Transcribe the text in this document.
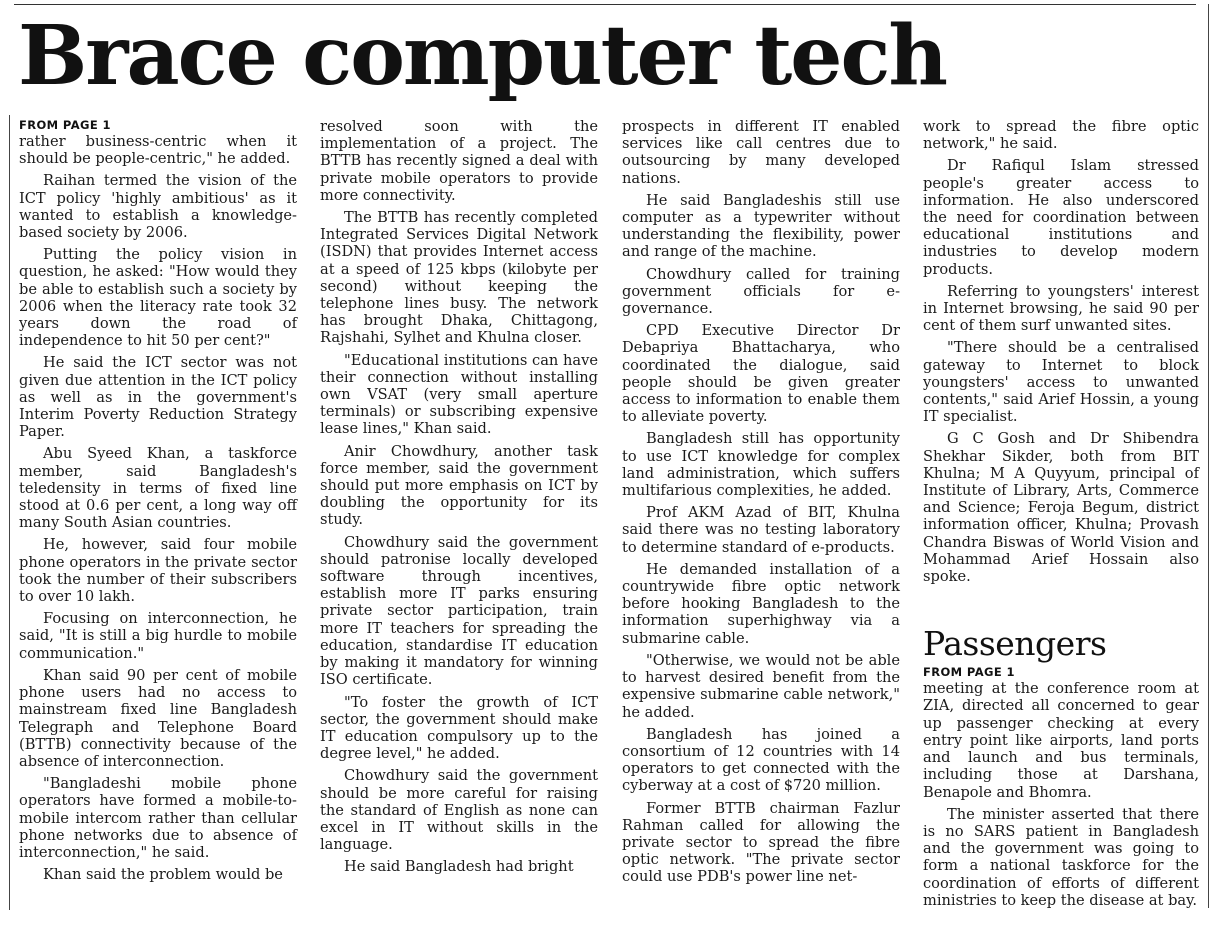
Brace computer tech
FROM PAGE 1

rather business-centric when it should be people-centric," he added.

Raihan termed the vision of the ICT policy 'highly ambitious' as it wanted to establish a knowledge-based society by 2006.

Putting the policy vision in question, he asked: "How would they be able to establish such a society by 2006 when the literacy rate took 32 years down the road of independence to hit 50 per cent?"

He said the ICT sector was not given due attention in the ICT policy as well as in the government's Interim Poverty Reduction Strategy Paper.

Abu Syeed Khan, a taskforce member, said Bangladesh's teledensity in terms of fixed line stood at 0.6 per cent, a long way off many South Asian countries.

He, however, said four mobile phone operators in the private sector took the number of their subscribers to over 10 lakh.

Focusing on interconnection, he said, "It is still a big hurdle to mobile communication."

Khan said 90 per cent of mobile phone users had no access to mainstream fixed line Bangladesh Telegraph and Telephone Board (BTTB) connectivity because of the absence of interconnection.

"Bangladeshi mobile phone operators have formed a mobile-to-mobile intercom rather than cellular phone networks due to absence of interconnection," he said.

Khan said the problem would be

resolved soon with the implementation of a project. The BTTB has recently signed a deal with private mobile operators to provide more connectivity.

The BTTB has recently completed Integrated Services Digital Network (ISDN) that provides Internet access at a speed of 125 kbps (kilobyte per second) without keeping the telephone lines busy. The network has brought Dhaka, Chittagong, Rajshahi, Sylhet and Khulna closer.

"Educational institutions can have their connection without installing own VSAT (very small aperture terminals) or subscribing expensive lease lines," Khan said.

Anir Chowdhury, another task force member, said the government should put more emphasis on ICT by doubling the opportunity for its study.

Chowdhury said the government should patronise locally developed software through incentives, establish more IT parks ensuring private sector participation, train more IT teachers for spreading the education, standardise IT education by making it mandatory for winning ISO certificate.

"To foster the growth of ICT sector, the government should make IT education compulsory up to the degree level," he added.

Chowdhury said the government should be more careful for raising the standard of English as none can excel in IT without skills in the language.

He said Bangladesh had bright

prospects in different IT enabled services like call centres due to outsourcing by many developed nations.

He said Bangladeshis still use computer as a typewriter without understanding the flexibility, power and range of the machine.

Chowdhury called for training government officials for e-governance.

CPD Executive Director Dr Debapriya Bhattacharya, who coordinated the dialogue, said people should be given greater access to information to enable them to alleviate poverty.

Bangladesh still has opportunity to use ICT knowledge for complex land administration, which suffers multifarious complexities, he added.

Prof AKM Azad of BIT, Khulna said there was no testing laboratory to determine standard of e-products.

He demanded installation of a countrywide fibre optic network before hooking Bangladesh to the information superhighway via a submarine cable.

"Otherwise, we would not be able to harvest desired benefit from the expensive submarine cable network," he added.

Bangladesh has joined a consortium of 12 countries with 14 operators to get connected with the cyberway at a cost of $720 million.

Former BTTB chairman Fazlur Rahman called for allowing the private sector to spread the fibre optic network. "The private sector could use PDB's power line net-

work to spread the fibre optic network," he said.

Dr Rafiqul Islam stressed people's greater access to information. He also underscored the need for coordination between educational institutions and industries to develop modern products.

Referring to youngsters' interest in Internet browsing, he said 90 per cent of them surf unwanted sites.

"There should be a centralised gateway to Internet to block youngsters' access to unwanted contents," said Arief Hossin, a young IT specialist.

G C Gosh and Dr Shibendra Shekhar Sikder, both from BIT Khulna; M A Quyyum, principal of Institute of Library, Arts, Commerce and Science; Feroja Begum, district information officer, Khulna; Provash Chandra Biswas of World Vision and Mohammad Arief Hossain also spoke.

Passengers
FROM PAGE 1

meeting at the conference room at ZIA, directed all concerned to gear up passenger checking at every entry point like airports, land ports and launch and bus terminals, including those at Darshana, Benapole and Bhomra.

The minister asserted that there is no SARS patient in Bangladesh and the government was going to form a national taskforce for the coordination of efforts of different ministries to keep the disease at bay.
